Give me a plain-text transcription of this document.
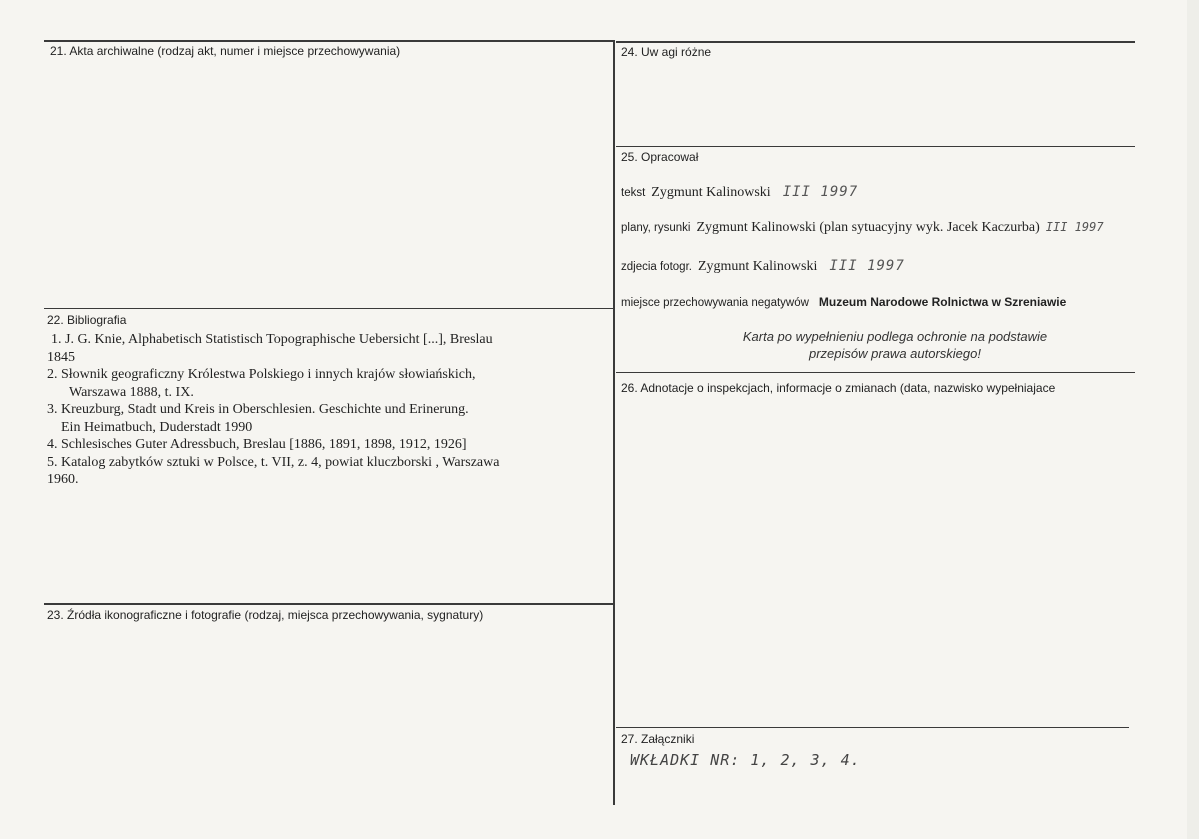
21. Akta archiwalne (rodzaj akt, numer i miejsce przechowywania)
22. Bibliografia

1. J. G. Knie, Alphabetisch Statistisch Topographische Uebersicht [...], Breslau

1845

2. Słownik geograficzny Królestwa Polskiego i innych krajów słowiańskich,

Warszawa 1888, t. IX.

3. Kreuzburg, Stadt und Kreis in Oberschlesien. Geschichte und Erinerung.

Ein Heimatbuch, Duderstadt 1990

4. Schlesisches Guter Adressbuch, Breslau [1886, 1891, 1898, 1912, 1926]

5. Katalog zabytków sztuki w Polsce, t. VII, z. 4, powiat kluczborski , Warszawa

1960.

23. Źródła ikonograficzne i fotografie (rodzaj, miejsca przechowywania, sygnatury)
24. Uw agi różne
25. Opracował
tekst Zygmunt Kalinowski III 1997
plany, rysunki Zygmunt Kalinowski (plan sytuacyjny wyk. Jacek Kaczurba) III 1997
zdjecia fotogr. Zygmunt Kalinowski III 1997
miejsce przechowywania negatywów Muzeum Narodowe Rolnictwa w Szreniawie
Karta po wypełnieniu podlega ochronie na podstawie
przepisów prawa autorskiego!
26. Adnotacje o inspekcjach, informacje o zmianach (data, nazwisko wypełniajace
27. Załączniki
WKŁADKI NR: 1, 2, 3, 4.
